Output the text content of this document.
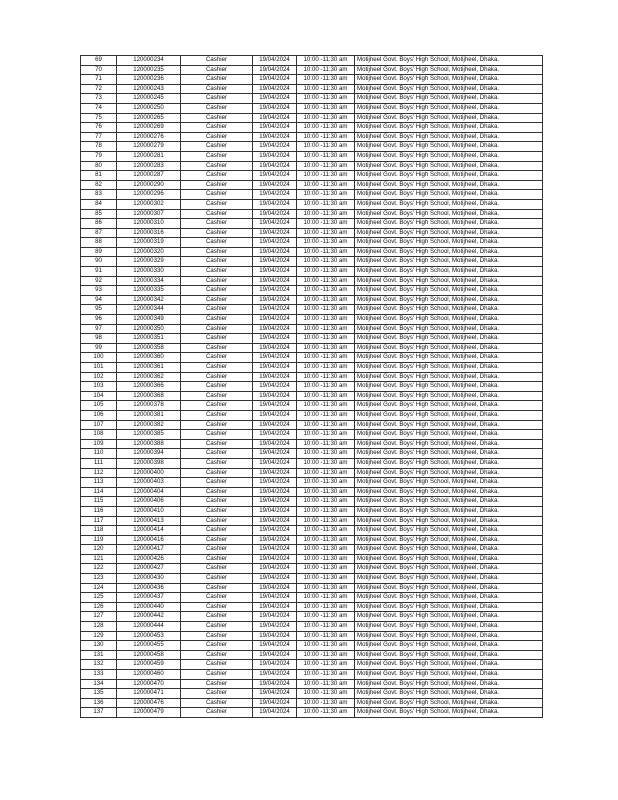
69	120000234	Cashier	19/04/2024	10:00 -11:30 am	Motijheel Govt. Boys' High School, Motijheel, Dhaka.
70	120000235	Cashier	19/04/2024	10:00 -11:30 am	Motijheel Govt. Boys' High School, Motijheel, Dhaka.
71	120000236	Cashier	19/04/2024	10:00 -11:30 am	Motijheel Govt. Boys' High School, Motijheel, Dhaka.
72	120000243	Cashier	19/04/2024	10:00 -11:30 am	Motijheel Govt. Boys' High School, Motijheel, Dhaka.
73	120000245	Cashier	19/04/2024	10:00 -11:30 am	Motijheel Govt. Boys' High School, Motijheel, Dhaka.
74	120000250	Cashier	19/04/2024	10:00 -11:30 am	Motijheel Govt. Boys' High School, Motijheel, Dhaka.
75	120000265	Cashier	19/04/2024	10:00 -11:30 am	Motijheel Govt. Boys' High School, Motijheel, Dhaka.
76	120000269	Cashier	19/04/2024	10:00 -11:30 am	Motijheel Govt. Boys' High School, Motijheel, Dhaka.
77	120000276	Cashier	19/04/2024	10:00 -11:30 am	Motijheel Govt. Boys' High School, Motijheel, Dhaka.
78	120000279	Cashier	19/04/2024	10:00 -11:30 am	Motijheel Govt. Boys' High School, Motijheel, Dhaka.
79	120000281	Cashier	19/04/2024	10:00 -11:30 am	Motijheel Govt. Boys' High School, Motijheel, Dhaka.
80	120000283	Cashier	19/04/2024	10:00 -11:30 am	Motijheel Govt. Boys' High School, Motijheel, Dhaka.
81	120000287	Cashier	19/04/2024	10:00 -11:30 am	Motijheel Govt. Boys' High School, Motijheel, Dhaka.
82	120000290	Cashier	19/04/2024	10:00 -11:30 am	Motijheel Govt. Boys' High School, Motijheel, Dhaka.
83	120000296	Cashier	19/04/2024	10:00 -11:30 am	Motijheel Govt. Boys' High School, Motijheel, Dhaka.
84	120000302	Cashier	19/04/2024	10:00 -11:30 am	Motijheel Govt. Boys' High School, Motijheel, Dhaka.
85	120000307	Cashier	19/04/2024	10:00 -11:30 am	Motijheel Govt. Boys' High School, Motijheel, Dhaka.
86	120000310	Cashier	19/04/2024	10:00 -11:30 am	Motijheel Govt. Boys' High School, Motijheel, Dhaka.
87	120000316	Cashier	19/04/2024	10:00 -11:30 am	Motijheel Govt. Boys' High School, Motijheel, Dhaka.
88	120000319	Cashier	19/04/2024	10:00 -11:30 am	Motijheel Govt. Boys' High School, Motijheel, Dhaka.
89	120000320	Cashier	19/04/2024	10:00 -11:30 am	Motijheel Govt. Boys' High School, Motijheel, Dhaka.
90	120000329	Cashier	19/04/2024	10:00 -11:30 am	Motijheel Govt. Boys' High School, Motijheel, Dhaka.
91	120000330	Cashier	19/04/2024	10:00 -11:30 am	Motijheel Govt. Boys' High School, Motijheel, Dhaka.
92	120000334	Cashier	19/04/2024	10:00 -11:30 am	Motijheel Govt. Boys' High School, Motijheel, Dhaka.
93	120000335	Cashier	19/04/2024	10:00 -11:30 am	Motijheel Govt. Boys' High School, Motijheel, Dhaka.
94	120000342	Cashier	19/04/2024	10:00 -11:30 am	Motijheel Govt. Boys' High School, Motijheel, Dhaka.
95	120000344	Cashier	19/04/2024	10:00 -11:30 am	Motijheel Govt. Boys' High School, Motijheel, Dhaka.
96	120000349	Cashier	19/04/2024	10:00 -11:30 am	Motijheel Govt. Boys' High School, Motijheel, Dhaka.
97	120000350	Cashier	19/04/2024	10:00 -11:30 am	Motijheel Govt. Boys' High School, Motijheel, Dhaka.
98	120000351	Cashier	19/04/2024	10:00 -11:30 am	Motijheel Govt. Boys' High School, Motijheel, Dhaka.
99	120000358	Cashier	19/04/2024	10:00 -11:30 am	Motijheel Govt. Boys' High School, Motijheel, Dhaka.
100	120000360	Cashier	19/04/2024	10:00 -11:30 am	Motijheel Govt. Boys' High School, Motijheel, Dhaka.
101	120000361	Cashier	19/04/2024	10:00 -11:30 am	Motijheel Govt. Boys' High School, Motijheel, Dhaka.
102	120000362	Cashier	19/04/2024	10:00 -11:30 am	Motijheel Govt. Boys' High School, Motijheel, Dhaka.
103	120000366	Cashier	19/04/2024	10:00 -11:30 am	Motijheel Govt. Boys' High School, Motijheel, Dhaka.
104	120000368	Cashier	19/04/2024	10:00 -11:30 am	Motijheel Govt. Boys' High School, Motijheel, Dhaka.
105	120000378	Cashier	19/04/2024	10:00 -11:30 am	Motijheel Govt. Boys' High School, Motijheel, Dhaka.
106	120000381	Cashier	19/04/2024	10:00 -11:30 am	Motijheel Govt. Boys' High School, Motijheel, Dhaka.
107	120000382	Cashier	19/04/2024	10:00 -11:30 am	Motijheel Govt. Boys' High School, Motijheel, Dhaka.
108	120000385	Cashier	19/04/2024	10:00 -11:30 am	Motijheel Govt. Boys' High School, Motijheel, Dhaka.
109	120000388	Cashier	19/04/2024	10:00 -11:30 am	Motijheel Govt. Boys' High School, Motijheel, Dhaka.
110	120000394	Cashier	19/04/2024	10:00 -11:30 am	Motijheel Govt. Boys' High School, Motijheel, Dhaka.
111	120000398	Cashier	19/04/2024	10:00 -11:30 am	Motijheel Govt. Boys' High School, Motijheel, Dhaka.
112	120000400	Cashier	19/04/2024	10:00 -11:30 am	Motijheel Govt. Boys' High School, Motijheel, Dhaka.
113	120000403	Cashier	19/04/2024	10:00 -11:30 am	Motijheel Govt. Boys' High School, Motijheel, Dhaka.
114	120000404	Cashier	19/04/2024	10:00 -11:30 am	Motijheel Govt. Boys' High School, Motijheel, Dhaka.
115	120000406	Cashier	19/04/2024	10:00 -11:30 am	Motijheel Govt. Boys' High School, Motijheel, Dhaka.
116	120000410	Cashier	19/04/2024	10:00 -11:30 am	Motijheel Govt. Boys' High School, Motijheel, Dhaka.
117	120000413	Cashier	19/04/2024	10:00 -11:30 am	Motijheel Govt. Boys' High School, Motijheel, Dhaka.
118	120000414	Cashier	19/04/2024	10:00 -11:30 am	Motijheel Govt. Boys' High School, Motijheel, Dhaka.
119	120000416	Cashier	19/04/2024	10:00 -11:30 am	Motijheel Govt. Boys' High School, Motijheel, Dhaka.
120	120000417	Cashier	19/04/2024	10:00 -11:30 am	Motijheel Govt. Boys' High School, Motijheel, Dhaka.
121	120000426	Cashier	19/04/2024	10:00 -11:30 am	Motijheel Govt. Boys' High School, Motijheel, Dhaka.
122	120000427	Cashier	19/04/2024	10:00 -11:30 am	Motijheel Govt. Boys' High School, Motijheel, Dhaka.
123	120000430	Cashier	19/04/2024	10:00 -11:30 am	Motijheel Govt. Boys' High School, Motijheel, Dhaka.
124	120000436	Cashier	19/04/2024	10:00 -11:30 am	Motijheel Govt. Boys' High School, Motijheel, Dhaka.
125	120000437	Cashier	19/04/2024	10:00 -11:30 am	Motijheel Govt. Boys' High School, Motijheel, Dhaka.
126	120000440	Cashier	19/04/2024	10:00 -11:30 am	Motijheel Govt. Boys' High School, Motijheel, Dhaka.
127	120000442	Cashier	19/04/2024	10:00 -11:30 am	Motijheel Govt. Boys' High School, Motijheel, Dhaka.
128	120000444	Cashier	19/04/2024	10:00 -11:30 am	Motijheel Govt. Boys' High School, Motijheel, Dhaka.
129	120000453	Cashier	19/04/2024	10:00 -11:30 am	Motijheel Govt. Boys' High School, Motijheel, Dhaka.
130	120000455	Cashier	19/04/2024	10:00 -11:30 am	Motijheel Govt. Boys' High School, Motijheel, Dhaka.
131	120000458	Cashier	19/04/2024	10:00 -11:30 am	Motijheel Govt. Boys' High School, Motijheel, Dhaka.
132	120000459	Cashier	19/04/2024	10:00 -11:30 am	Motijheel Govt. Boys' High School, Motijheel, Dhaka.
133	120000460	Cashier	19/04/2024	10:00 -11:30 am	Motijheel Govt. Boys' High School, Motijheel, Dhaka.
134	120000470	Cashier	19/04/2024	10:00 -11:30 am	Motijheel Govt. Boys' High School, Motijheel, Dhaka.
135	120000471	Cashier	19/04/2024	10:00 -11:30 am	Motijheel Govt. Boys' High School, Motijheel, Dhaka.
136	120000476	Cashier	19/04/2024	10:00 -11:30 am	Motijheel Govt. Boys' High School, Motijheel, Dhaka.
137	120000479	Cashier	19/04/2024	10:00 -11:30 am	Motijheel Govt. Boys' High School, Motijheel, Dhaka.
